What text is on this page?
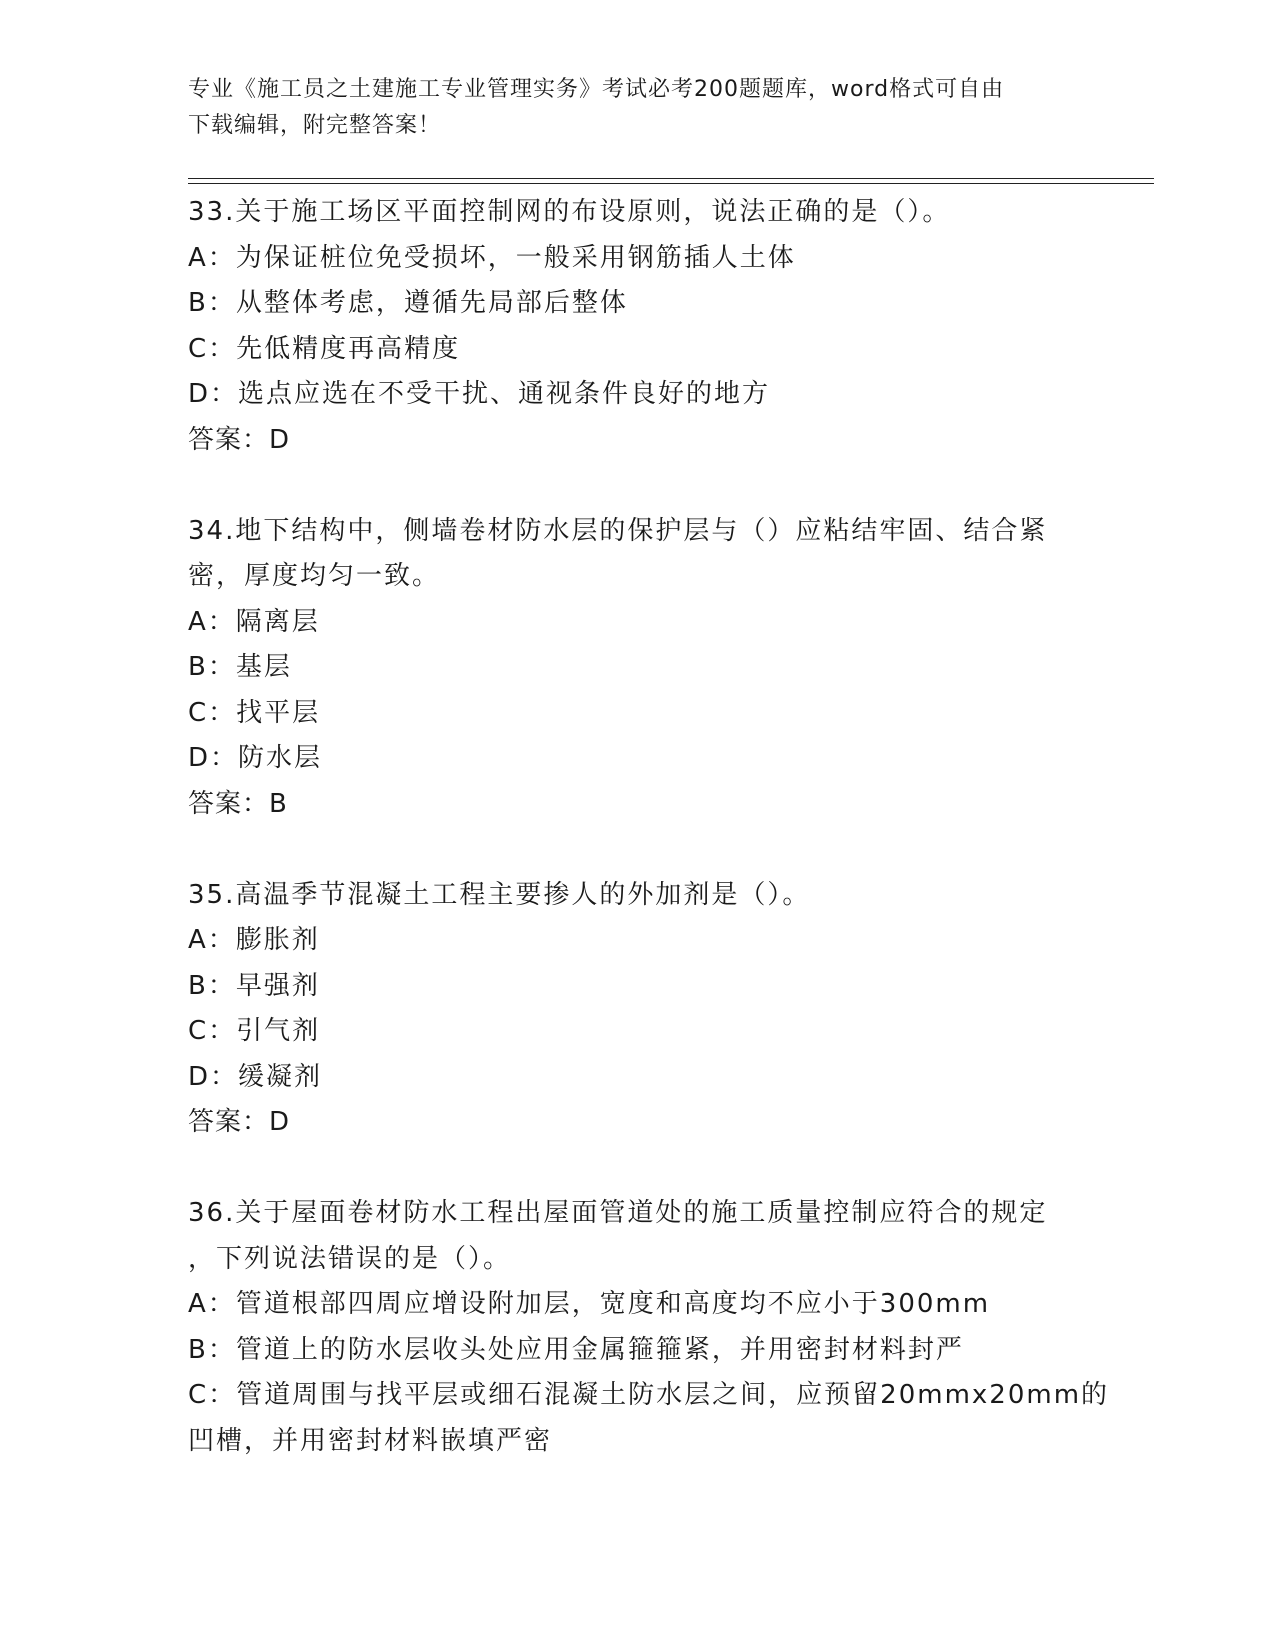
专业《施工员之土建施工专业管理实务》考试必考200题题库，word格式可自由
下载编辑，附完整答案！
33.关于施工场区平面控制网的布设原则，说法正确的是（）。
A：为保证桩位免受损坏，一般采用钢筋插人土体
B：从整体考虑，遵循先局部后整体
C：先低精度再高精度
D：选点应选在不受干扰、通视条件良好的地方
答案：D
34.地下结构中，侧墙卷材防水层的保护层与（）应粘结牢固、结合紧
密，厚度均匀一致。
A：隔离层
B：基层
C：找平层
D：防水层
答案：B
35.高温季节混凝土工程主要掺人的外加剂是（）。
A：膨胀剂
B：早强剂
C：引气剂
D：缓凝剂
答案：D
36.关于屋面卷材防水工程出屋面管道处的施工质量控制应符合的规定
，下列说法错误的是（）。
A：管道根部四周应增设附加层，宽度和高度均不应小于300mm
B：管道上的防水层收头处应用金属箍箍紧，并用密封材料封严
C：管道周围与找平层或细石混凝土防水层之间，应预留20mmx20mm的
凹槽，并用密封材料嵌填严密
